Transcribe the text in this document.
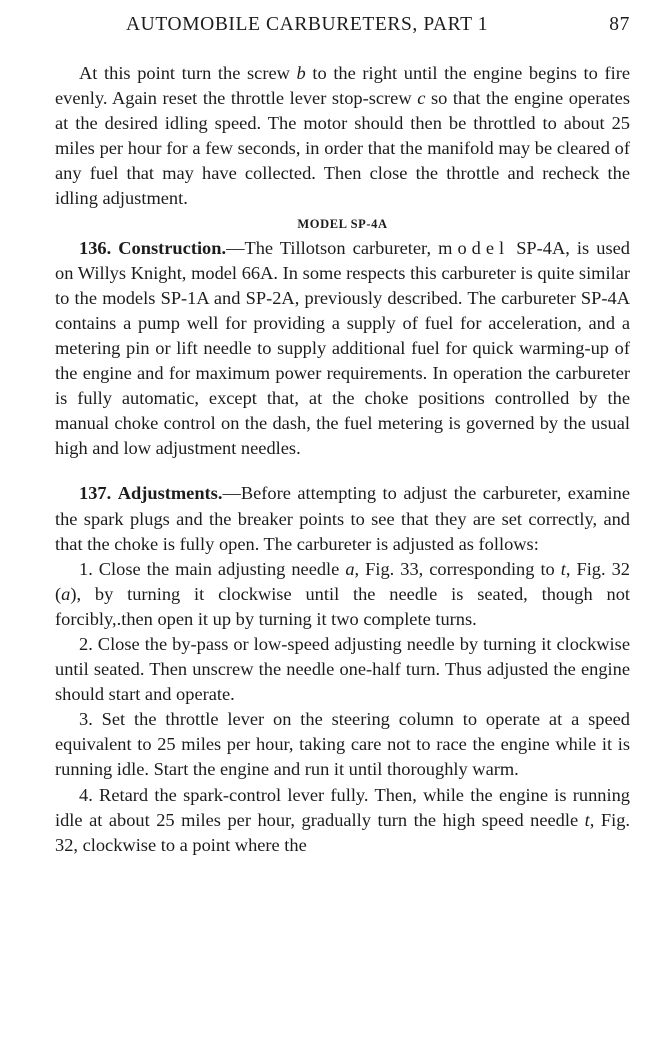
AUTOMOBILE CARBURETERS, PART 1	87

At this point turn the screw b to the right until the engine begins to fire evenly. Again reset the throttle lever stop-screw c so that the engine operates at the desired idling speed. The motor should then be throttled to about 25 miles per hour for a few seconds, in order that the manifold may be cleared of any fuel that may have collected. Then close the throttle and recheck the idling adjustment.

MODEL SP-4A

136. Construction.—The Tillotson carbureter, model SP-4A, is used on Willys Knight, model 66A. In some respects this carbureter is quite similar to the models SP-1A and SP-2A, previously described. The carbureter SP-4A contains a pump well for providing a supply of fuel for acceleration, and a metering pin or lift needle to supply additional fuel for quick warming-up of the engine and for maximum power requirements. In operation the carbureter is fully automatic, except that, at the choke positions controlled by the manual choke control on the dash, the fuel metering is governed by the usual high and low adjustment needles.

137. Adjustments.—Before attempting to adjust the carbureter, examine the spark plugs and the breaker points to see that they are set correctly, and that the choke is fully open. The carbureter is adjusted as follows:

1. Close the main adjusting needle a, Fig. 33, corresponding to t, Fig. 32 (a), by turning it clockwise until the needle is seated, though not forcibly,.then open it up by turning it two complete turns.

2. Close the by-pass or low-speed adjusting needle by turning it clockwise until seated. Then unscrew the needle one-half turn. Thus adjusted the engine should start and operate.

3. Set the throttle lever on the steering column to operate at a speed equivalent to 25 miles per hour, taking care not to race the engine while it is running idle. Start the engine and run it until thoroughly warm.

4. Retard the spark-control lever fully. Then, while the engine is running idle at about 25 miles per hour, gradually turn the high speed needle t, Fig. 32, clockwise to a point where the
